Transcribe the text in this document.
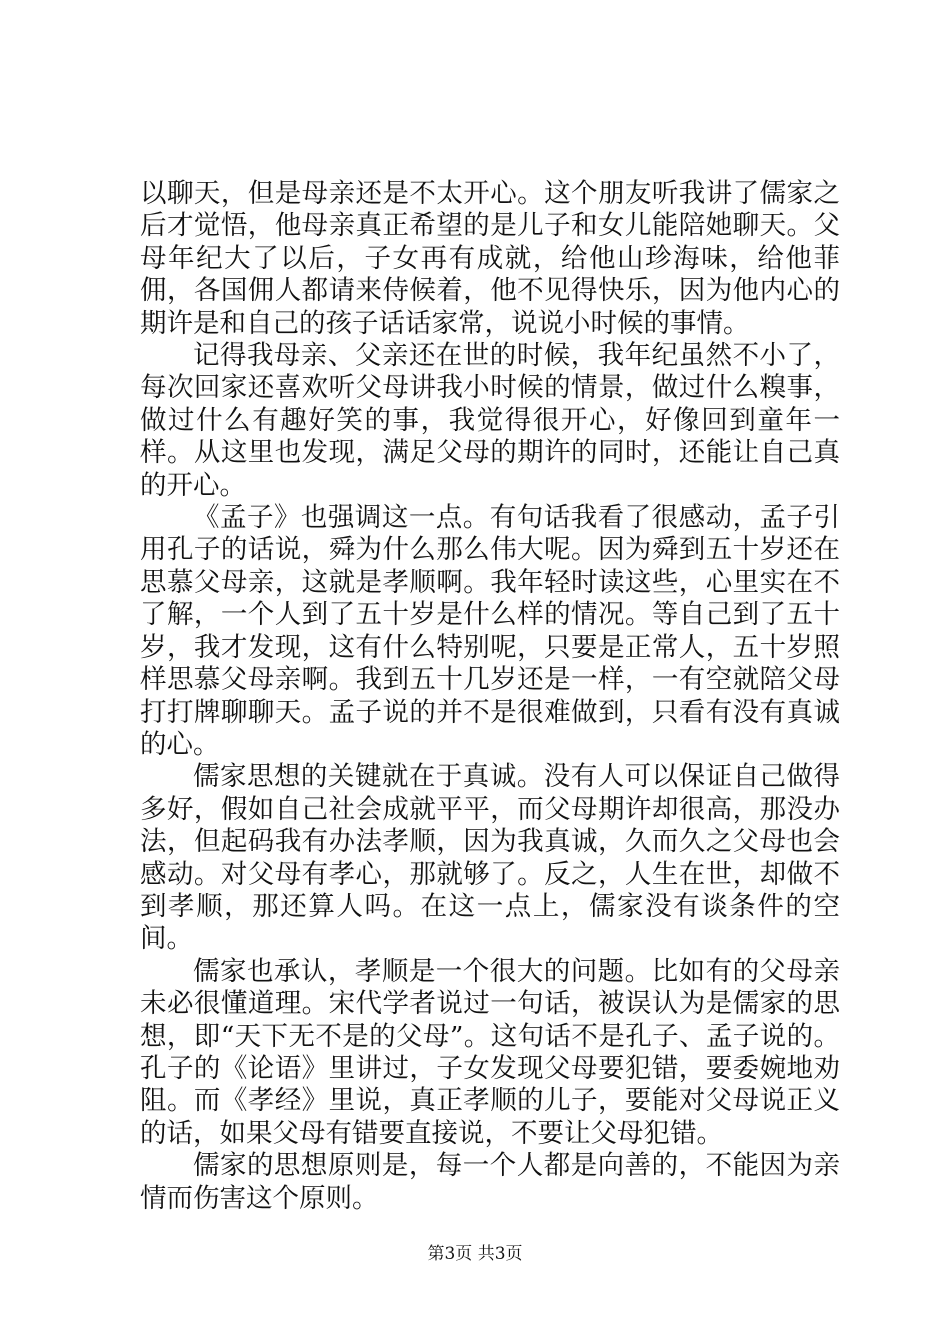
以聊天，但是母亲还是不太开心。这个朋友听我讲了儒家之后才觉悟，他母亲真正希望的是儿子和女儿能陪她聊天。父母年纪大了以后，子女再有成就，给他山珍海味，给他菲佣，各国佣人都请来侍候着，他不见得快乐，因为他内心的期许是和自己的孩子话话家常，说说小时候的事情。

记得我母亲、父亲还在世的时候，我年纪虽然不小了，每次回家还喜欢听父母讲我小时候的情景，做过什么糗事，做过什么有趣好笑的事，我觉得很开心，好像回到童年一样。从这里也发现，满足父母的期许的同时，还能让自己真的开心。

《孟子》也强调这一点。有句话我看了很感动，孟子引用孔子的话说，舜为什么那么伟大呢。因为舜到五十岁还在思慕父母亲，这就是孝顺啊。我年轻时读这些，心里实在不了解，一个人到了五十岁是什么样的情况。等自己到了五十岁，我才发现，这有什么特别呢，只要是正常人，五十岁照样思慕父母亲啊。我到五十几岁还是一样，一有空就陪父母打打牌聊聊天。孟子说的并不是很难做到，只看有没有真诚的心。

儒家思想的关键就在于真诚。没有人可以保证自己做得多好，假如自己社会成就平平，而父母期许却很高，那没办法，但起码我有办法孝顺，因为我真诚，久而久之父母也会感动。对父母有孝心，那就够了。反之，人生在世，却做不到孝顺，那还算人吗。在这一点上，儒家没有谈条件的空间。

儒家也承认，孝顺是一个很大的问题。比如有的父母亲未必很懂道理。宋代学者说过一句话，被误认为是儒家的思想，即“天下无不是的父母”。这句话不是孔子、孟子说的。孔子的《论语》里讲过，子女发现父母要犯错，要委婉地劝阻。而《孝经》里说，真正孝顺的儿子，要能对父母说正义的话，如果父母有错要直接说，不要让父母犯错。

儒家的思想原则是，每一个人都是向善的，不能因为亲情而伤害这个原则。

第3页 共3页
